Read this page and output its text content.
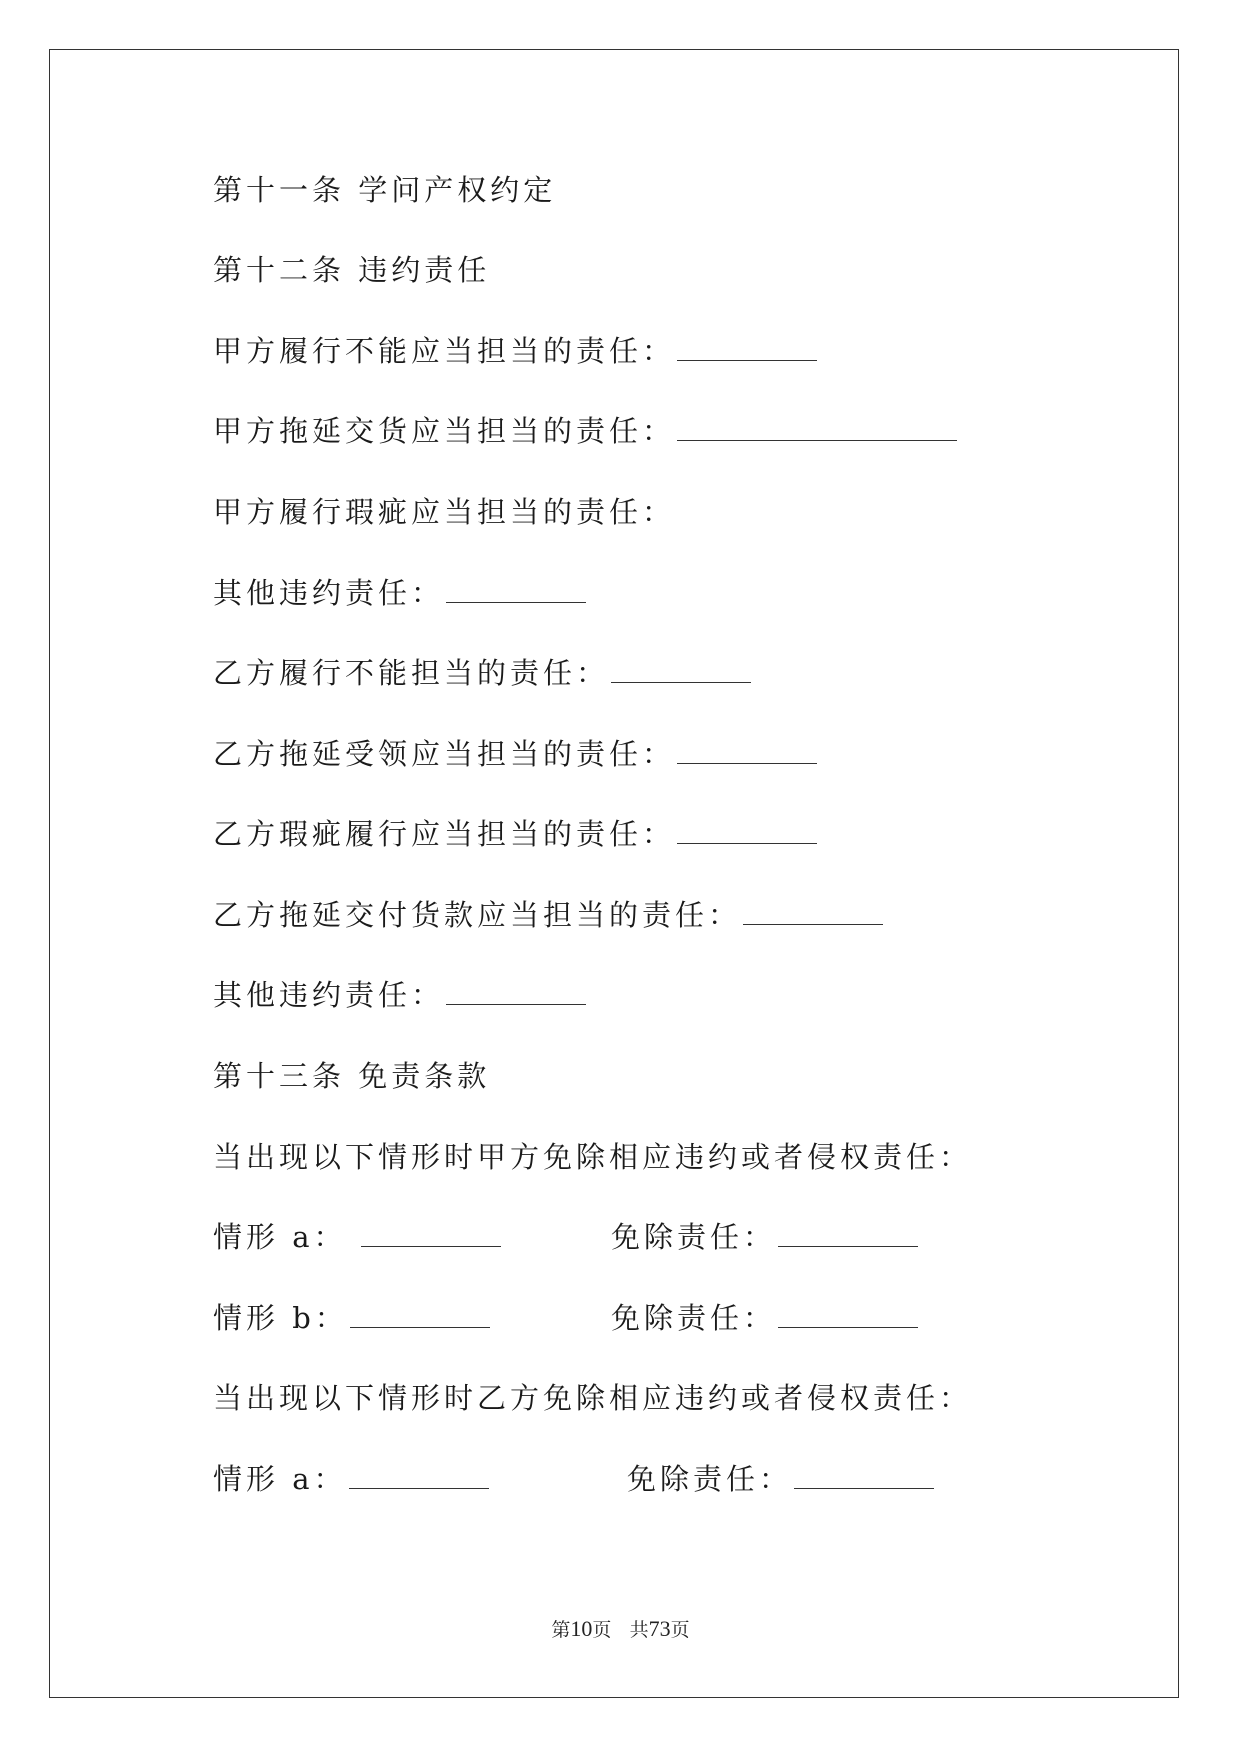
第十一条 学问产权约定
第十二条 违约责任
甲方履行不能应当担当的责任：
甲方拖延交货应当担当的责任：
甲方履行瑕疵应当担当的责任：
其他违约责任：
乙方履行不能担当的责任：
乙方拖延受领应当担当的责任：
乙方瑕疵履行应当担当的责任：
乙方拖延交付货款应当担当的责任：
其他违约责任：
第十三条 免责条款
当出现以下情形时甲方免除相应违约或者侵权责任：
情形 a：	免除责任：
情形 b：	免除责任：
当出现以下情形时乙方免除相应违约或者侵权责任：
情形 a：	免除责任：
第10页 共73页
